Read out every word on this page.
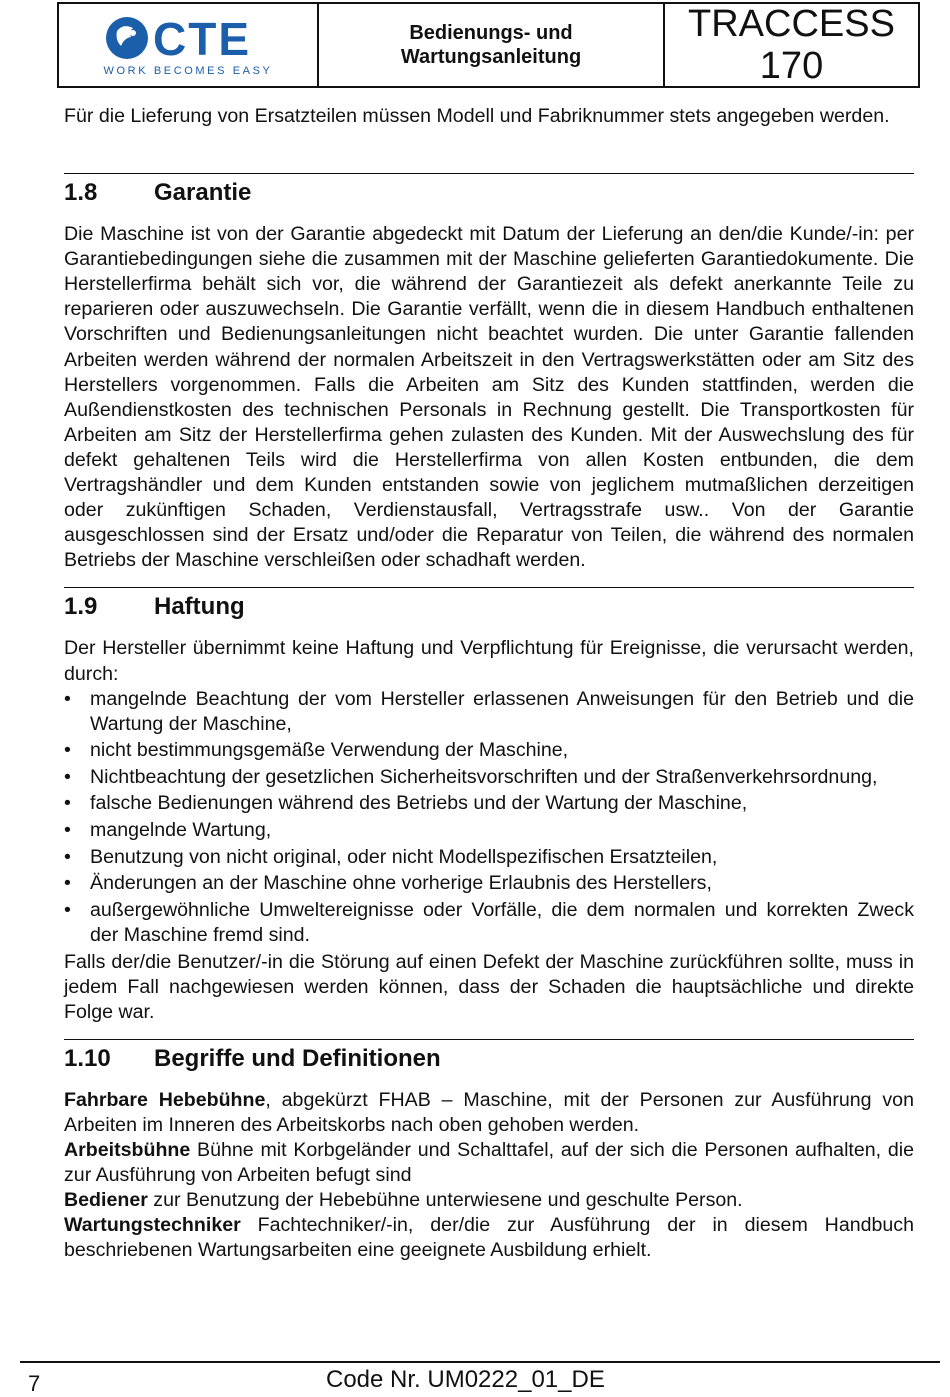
CTE
WORK BECOMES EASY
Bedienungs- und
Wartungsanleitung
TRACCESS
170

Für die Lieferung von Ersatzteilen müssen Modell und Fabriknummer stets angegeben werden.

1.8	Garantie

Die Maschine ist von der Garantie abgedeckt mit Datum der Lieferung an den/die Kunde/-in: per Garantiebedingungen siehe die zusammen mit der Maschine gelieferten Garantiedokumente. Die Herstellerfirma behält sich vor, die während der Garantiezeit als defekt anerkannte Teile zu reparieren oder auszuwechseln. Die Garantie verfällt, wenn die in diesem Handbuch enthaltenen Vorschriften und Bedienungsanleitungen nicht beachtet wurden. Die unter Garantie fallenden Arbeiten werden während der normalen Arbeitszeit in den Vertragswerkstätten oder am Sitz des Herstellers vorgenommen. Falls die Arbeiten am Sitz des Kunden stattfinden, werden die Außendienstkosten des technischen Personals in Rechnung gestellt. Die Transportkosten für Arbeiten am Sitz der Herstellerfirma gehen zulasten des Kunden. Mit der Auswechslung des für defekt gehaltenen Teils wird die Herstellerfirma von allen Kosten entbunden, die dem Vertragshändler und dem Kunden entstanden sowie von jeglichem mutmaßlichen derzeitigen oder zukünftigen Schaden, Verdienstausfall, Vertragsstrafe usw.. Von der Garantie ausgeschlossen sind der Ersatz und/oder die Reparatur von Teilen, die während des normalen Betriebs der Maschine verschleißen oder schadhaft werden.

1.9	Haftung

Der Hersteller übernimmt keine Haftung und Verpflichtung für Ereignisse, die verursacht werden, durch:

• mangelnde Beachtung der vom Hersteller erlassenen Anweisungen für den Betrieb und die Wartung der Maschine,
• nicht bestimmungsgemäße Verwendung der Maschine,
• Nichtbeachtung der gesetzlichen Sicherheitsvorschriften und der Straßenverkehrsordnung,
• falsche Bedienungen während des Betriebs und der Wartung der Maschine,
• mangelnde Wartung,
• Benutzung von nicht original, oder nicht Modellspezifischen Ersatzteilen,
• Änderungen an der Maschine ohne vorherige Erlaubnis des Herstellers,
• außergewöhnliche Umweltereignisse oder Vorfälle, die dem normalen und korrekten Zweck der Maschine fremd sind.

Falls der/die Benutzer/-in die Störung auf einen Defekt der Maschine zurückführen sollte, muss in jedem Fall nachgewiesen werden können, dass der Schaden die hauptsächliche und direkte Folge war.

1.10	Begriffe und Definitionen

Fahrbare Hebebühne, abgekürzt FHAB – Maschine, mit der Personen zur Ausführung von Arbeiten im Inneren des Arbeitskorbs nach oben gehoben werden.

Arbeitsbühne Bühne mit Korbgeländer und Schalttafel, auf der sich die Personen aufhalten, die zur Ausführung von Arbeiten befugt sind

Bediener zur Benutzung der Hebebühne unterwiesene und geschulte Person.

Wartungstechniker Fachtechniker/-in, der/die zur Ausführung der in diesem Handbuch beschriebenen Wartungsarbeiten eine geeignete Ausbildung erhielt.

7	Code Nr. UM0222_01_DE
